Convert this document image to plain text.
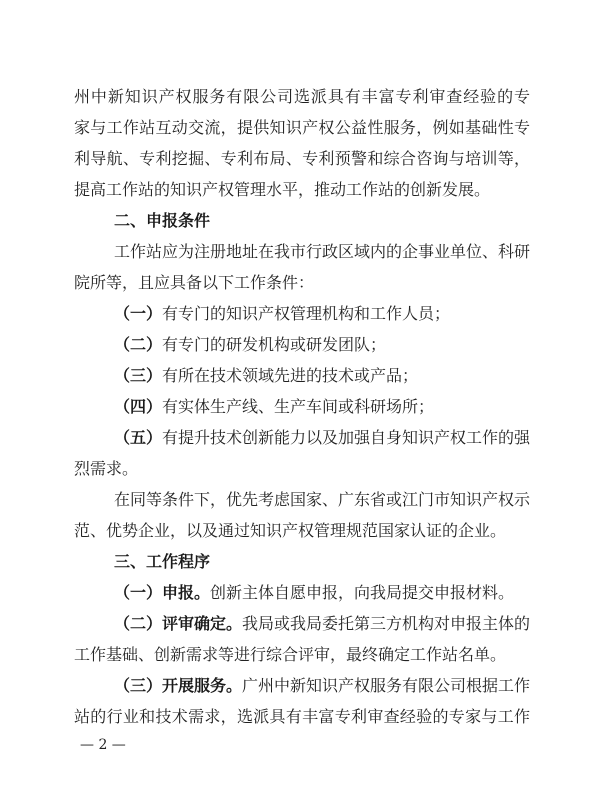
州中新知识产权服务有限公司选派具有丰富专利审查经验的专
家与工作站互动交流，提供知识产权公益性服务，例如基础性专
利导航、专利挖掘、专利布局、专利预警和综合咨询与培训等，
提高工作站的知识产权管理水平，推动工作站的创新发展。
二、申报条件
工作站应为注册地址在我市行政区域内的企事业单位、科研
院所等，且应具备以下工作条件：
（一）有专门的知识产权管理机构和工作人员；
（二）有专门的研发机构或研发团队；
（三）有所在技术领域先进的技术或产品；
（四）有实体生产线、生产车间或科研场所；
（五）有提升技术创新能力以及加强自身知识产权工作的强
烈需求。
在同等条件下，优先考虑国家、广东省或江门市知识产权示
范、优势企业，以及通过知识产权管理规范国家认证的企业。
三、工作程序
（一）申报。创新主体自愿申报，向我局提交申报材料。
（二）评审确定。我局或我局委托第三方机构对申报主体的
工作基础、创新需求等进行综合评审，最终确定工作站名单。
（三）开展服务。广州中新知识产权服务有限公司根据工作
站的行业和技术需求，选派具有丰富专利审查经验的专家与工作
— 2 —
